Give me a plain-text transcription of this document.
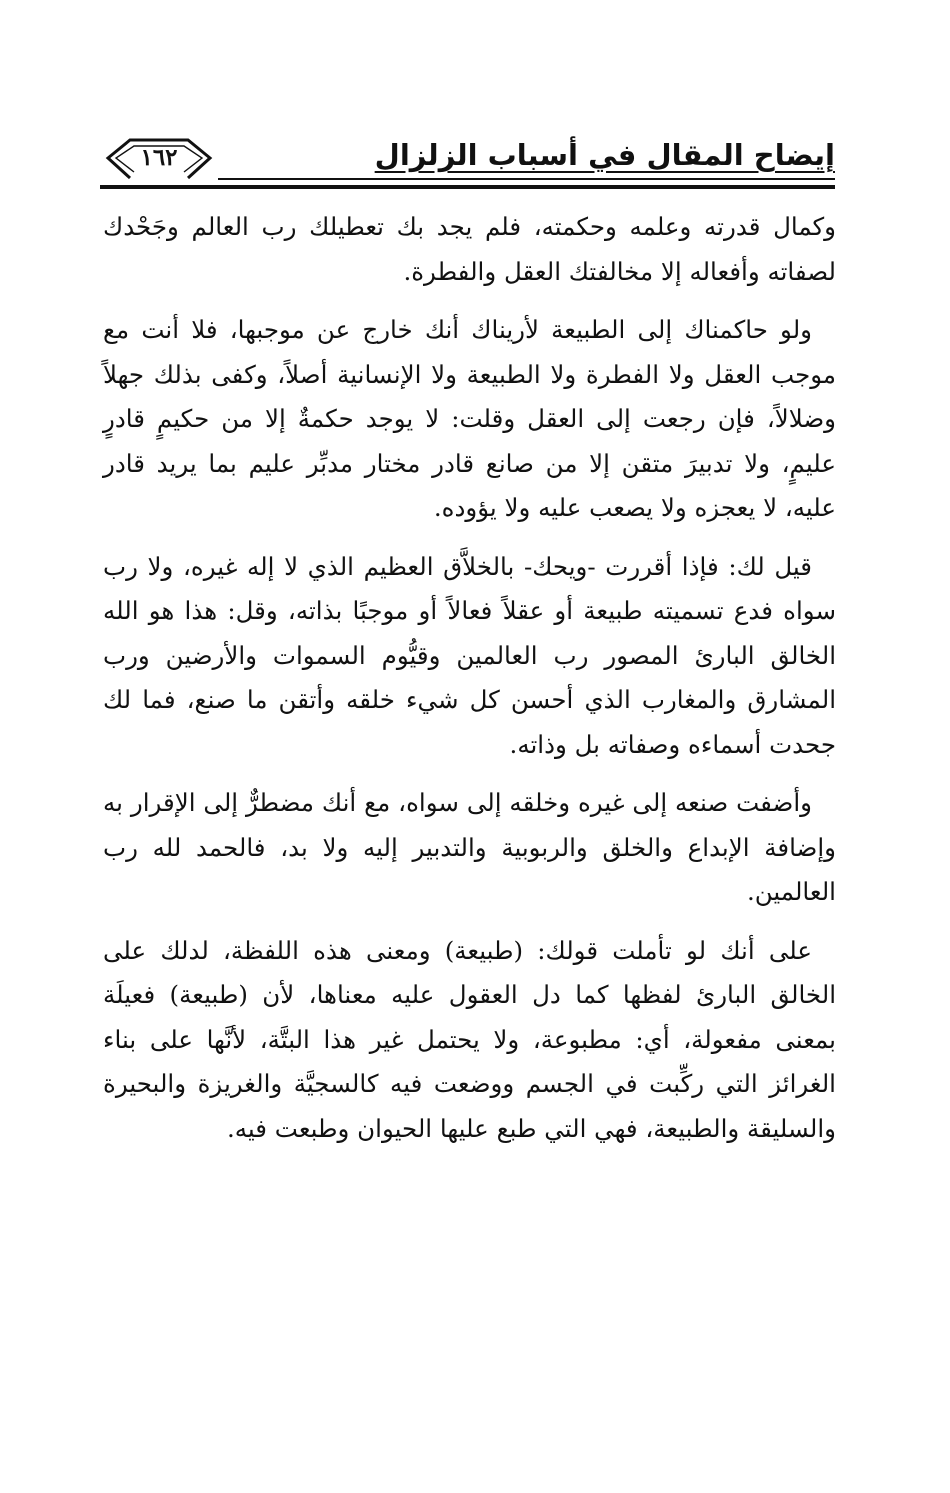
١٦٢	إيضاح المقال في أسباب الزلزال

وكمال قدرته وعلمه وحكمته، فلم يجد بك تعطيلك رب العالم وجَحْدك لصفاته وأفعاله إلا مخالفتك العقل والفطرة.

ولو حاكمناك إلى الطبيعة لأريناك أنك خارج عن موجبها، فلا أنت مع موجب العقل ولا الفطرة ولا الطبيعة ولا الإنسانية أصلاً، وكفى بذلك جهلاً وضلالاً، فإن رجعت إلى العقل وقلت: لا يوجد حكمةٌ إلا من حكيمٍ قادرٍ عليمٍ، ولا تدبيرَ متقن إلا من صانع قادر مختار مدبِّر عليم بما يريد قادر عليه، لا يعجزه ولا يصعب عليه ولا يؤوده.

قيل لك: فإذا أقررت -ويحك- بالخلاَّق العظيم الذي لا إله غيره، ولا رب سواه فدع تسميته طبيعة أو عقلاً فعالاً أو موجبًا بذاته، وقل: هذا هو الله الخالق البارئ المصور رب العالمين وقيُّوم السموات والأرضين ورب المشارق والمغارب الذي أحسن كل شيء خلقه وأتقن ما صنع، فما لك جحدت أسماءه وصفاته بل وذاته.

وأضفت صنعه إلى غيره وخلقه إلى سواه، مع أنك مضطرٌّ إلى الإقرار به وإضافة الإبداع والخلق والربوبية والتدبير إليه ولا بد، فالحمد لله رب العالمين.

على أنك لو تأملت قولك: (طبيعة) ومعنى هذه اللفظة، لدلك على الخالق البارئ لفظها كما دل العقول عليه معناها، لأن (طبيعة) فعيلَة بمعنى مفعولة، أي: مطبوعة، ولا يحتمل غير هذا البتَّة، لأنَّها على بناء الغرائز التي ركِّبت في الجسم ووضعت فيه كالسجيَّة والغريزة والبحيرة والسليقة والطبيعة، فهي التي طبع عليها الحيوان وطبعت فيه.
